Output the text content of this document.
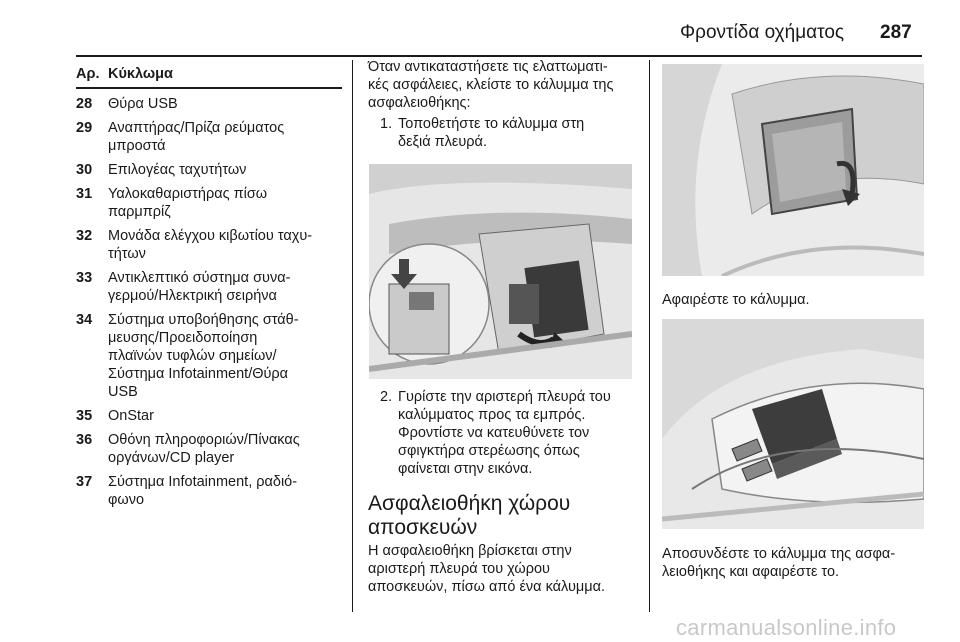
Φροντίδα οχήματος 287
Αρ. Κύκλωμα
28	Θύρα USB
29	Αναπτήρας/Πρίζα ρεύματος
μπροστά
30	Επιλογέας ταχυτήτων
31	Υαλοκαθαριστήρας πίσω
παρμπρίζ
32	Μονάδα ελέγχου κιβωτίου ταχυ-
τήτων
33	Αντικλεπτικό σύστημα συνα-
γερμού/Ηλεκτρική σειρήνα
34	Σύστημα υποβοήθησης στάθ-
μευσης/Προειδοποίηση
πλαϊνών τυφλών σημείων/
Σύστημα Infotainment/Θύρα
USB
35	OnStar
36	Οθόνη πληροφοριών/Πίνακας
οργάνων/CD player
37	Σύστημα Infotainment, ραδιό-
φωνο
Όταν αντικαταστήσετε τις ελαττωματι-
κές ασφάλειες, κλείστε το κάλυμμα της
ασφαλειοθήκης:
1. Τοποθετήστε το κάλυμμα στη
δεξιά πλευρά.
2. Γυρίστε την αριστερή πλευρά του
καλύμματος προς τα εμπρός.
Φροντίστε να κατευθύνετε τον
σφιγκτήρα στερέωσης όπως
φαίνεται στην εικόνα.
Ασφαλειοθήκη χώρου
αποσκευών
Η ασφαλειοθήκη βρίσκεται στην
αριστερή πλευρά του χώρου
αποσκευών, πίσω από ένα κάλυμμα.
Αφαιρέστε το κάλυμμα.
Αποσυνδέστε το κάλυμμα της ασφα-
λειοθήκης και αφαιρέστε το.
carmanualsonline.info
